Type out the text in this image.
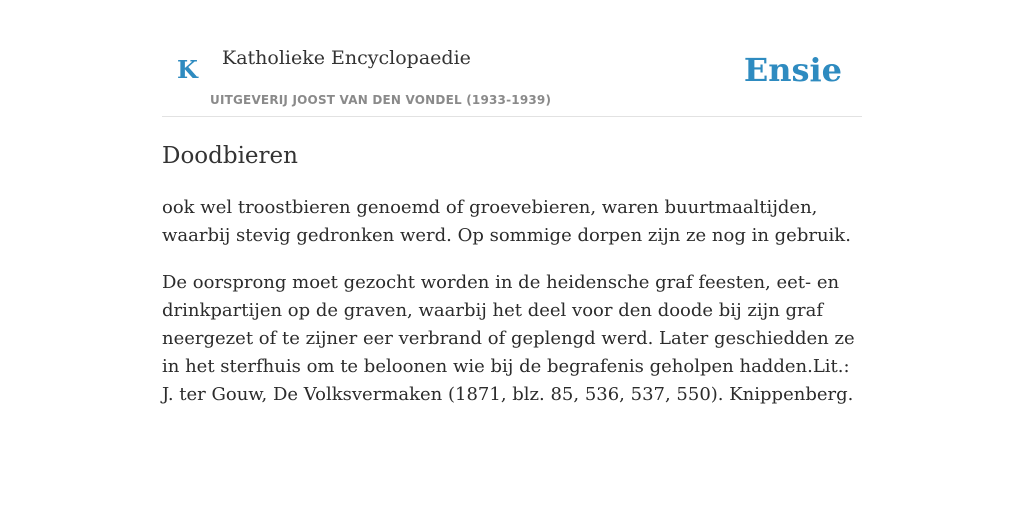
K Katholieke Encyclopaedie
UITGEVERIJ JOOST VAN DEN VONDEL (1933-1939)
Ensie
Doodbieren

ook wel troostbieren genoemd of groevebieren, waren buurtmaaltijden, waarbij stevig gedronken werd. Op sommige dorpen zijn ze nog in gebruik.

De oorsprong moet gezocht worden in de heidensche graf feesten, eet- en drinkpartijen op de graven, waarbij het deel voor den doode bij zijn graf neergezet of te zijner eer verbrand of geplengd werd. Later geschiedden ze in het sterfhuis om te beloonen wie bij de begrafenis geholpen hadden.Lit.: J. ter Gouw, De Volksvermaken (1871, blz. 85, 536, 537, 550). Knippenberg.
